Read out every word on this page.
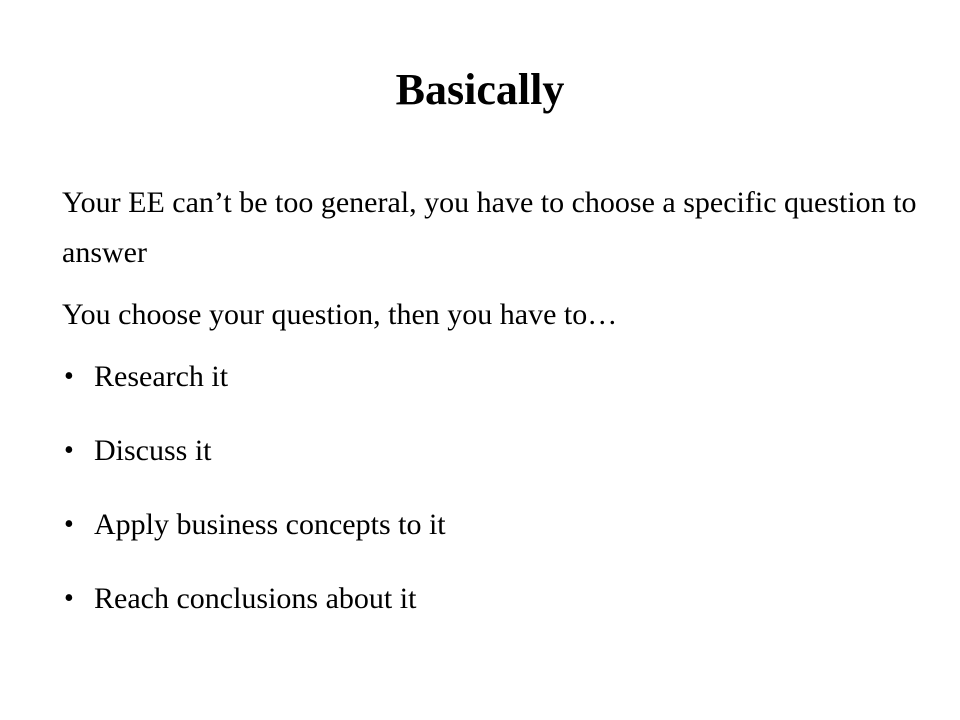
Basically

Your EE can’t be too general, you have to choose a specific question to answer

You choose your question, then you have to…

• Research it
• Discuss it
• Apply business concepts to it
• Reach conclusions about it
